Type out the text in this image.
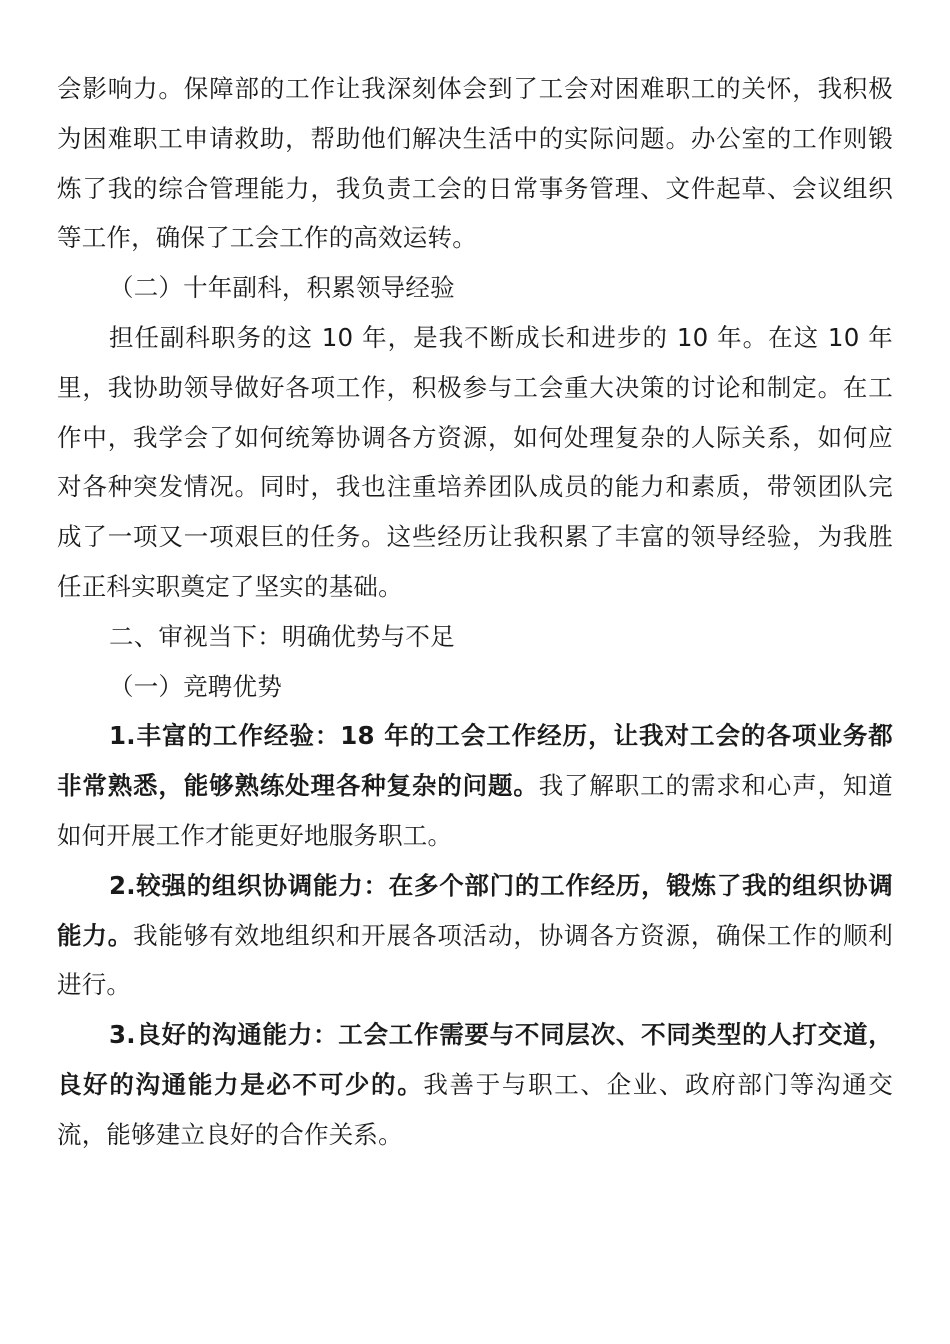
会影响力。保障部的工作让我深刻体会到了工会对困难职工的关怀，我积极为困难职工申请救助，帮助他们解决生活中的实际问题。办公室的工作则锻炼了我的综合管理能力，我负责工会的日常事务管理、文件起草、会议组织等工作，确保了工会工作的高效运转。

（二）十年副科，积累领导经验

担任副科职务的这 10 年，是我不断成长和进步的 10 年。在这 10 年里，我协助领导做好各项工作，积极参与工会重大决策的讨论和制定。在工作中，我学会了如何统筹协调各方资源，如何处理复杂的人际关系，如何应对各种突发情况。同时，我也注重培养团队成员的能力和素质，带领团队完成了一项又一项艰巨的任务。这些经历让我积累了丰富的领导经验，为我胜任正科实职奠定了坚实的基础。

二、审视当下：明确优势与不足

（一）竞聘优势

1.丰富的工作经验：18 年的工会工作经历，让我对工会的各项业务都非常熟悉，能够熟练处理各种复杂的问题。我了解职工的需求和心声，知道如何开展工作才能更好地服务职工。

2.较强的组织协调能力：在多个部门的工作经历，锻炼了我的组织协调能力。我能够有效地组织和开展各项活动，协调各方资源，确保工作的顺利进行。

3.良好的沟通能力：工会工作需要与不同层次、不同类型的人打交道，良好的沟通能力是必不可少的。我善于与职工、企业、政府部门等沟通交流，能够建立良好的合作关系。
